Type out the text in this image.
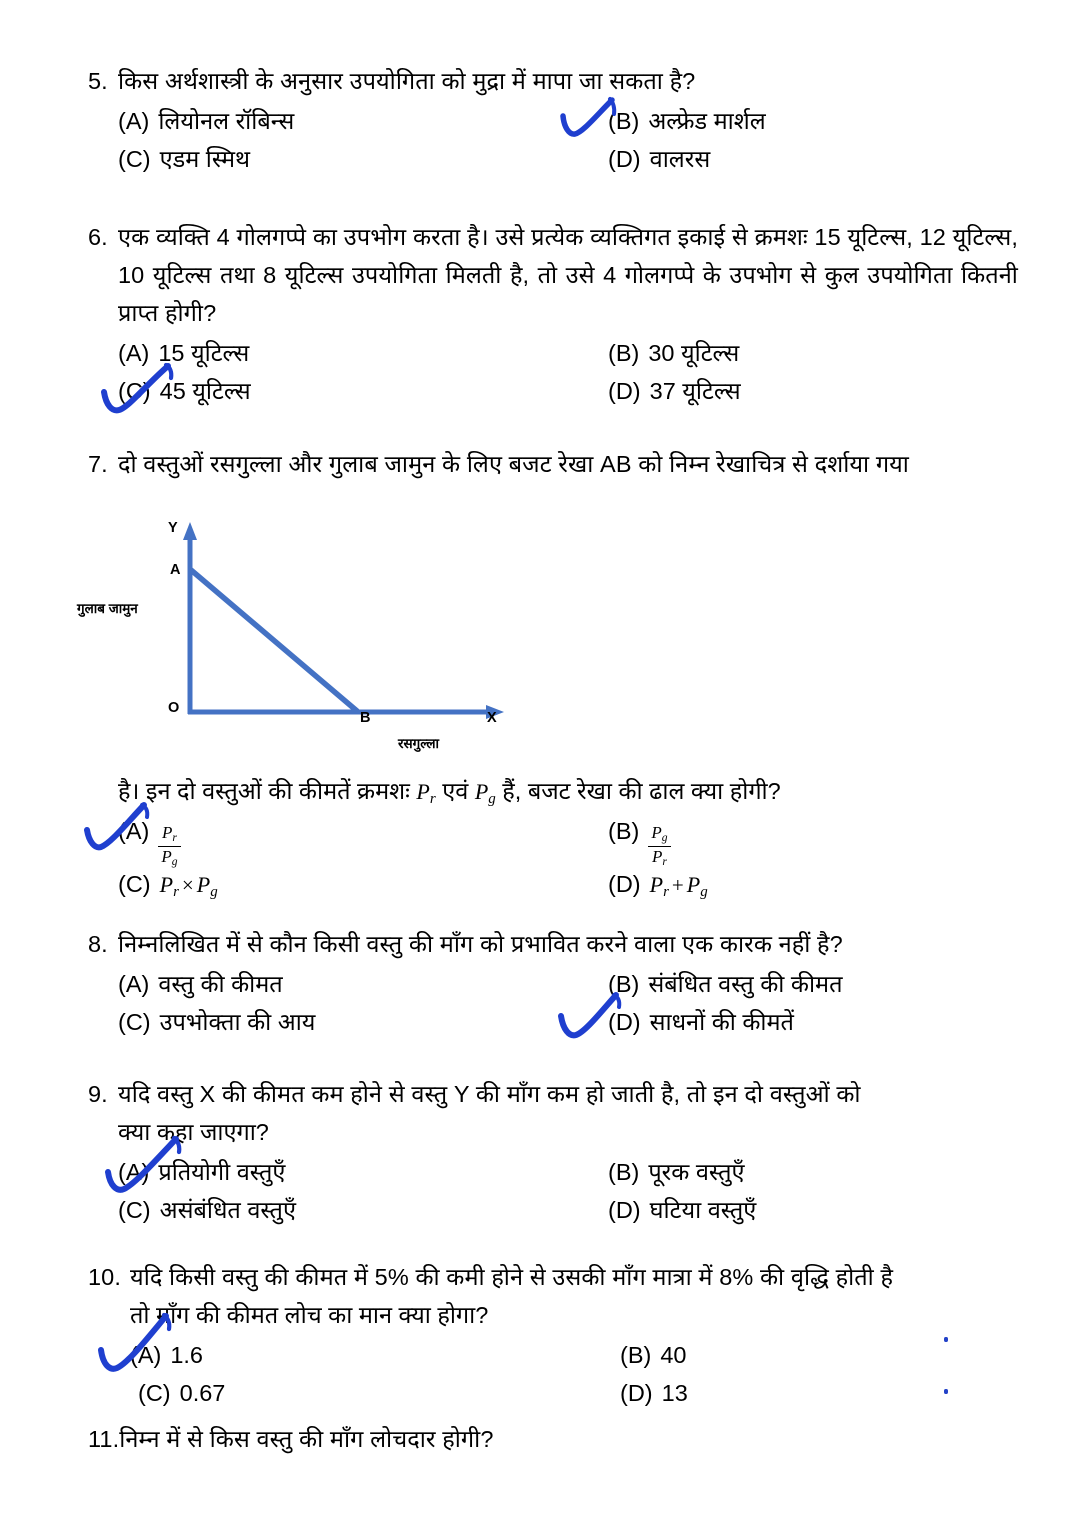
5. किस अर्थशास्त्री के अनुसार उपयोगिता को मुद्रा में मापा जा सकता है?
(A) लियोनल रॉबिन्स	(B) अल्फ्रेड मार्शल
(C) एडम स्मिथ	(D) वालरस
6. एक व्यक्ति 4 गोलगप्पे का उपभोग करता है। उसे प्रत्येक व्यक्तिगत इकाई से क्रमशः 15 यूटिल्स, 12 यूटिल्स, 10 यूटिल्स तथा 8 यूटिल्स उपयोगिता मिलती है, तो उसे 4 गोलगप्पे के उपभोग से कुल उपयोगिता कितनी प्राप्त होगी?
(A) 15 यूटिल्स	(B) 30 यूटिल्स
(C) 45 यूटिल्स	(D) 37 यूटिल्स
7. दो वस्तुओं रसगुल्ला और गुलाब जामुन के लिए बजट रेखा AB को निम्न रेखाचित्र से दर्शाया गया
Y
A
O
B	X
गुलाब जामुन
रसगुल्ला
है। इन दो वस्तुओं की कीमतें क्रमशः $P_r$ एवं $P_g$ हैं, बजट रेखा की ढाल क्या होगी?
$(A) \frac{P_r}{P_g}$	$(B) \frac{P_g}{P_r}$
(C) $P_r \times P_g$	(D) $P_r + P_g$
8. निम्नलिखित में से कौन किसी वस्तु की माँग को प्रभावित करने वाला एक कारक नहीं है?
(A) वस्तु की कीमत	(B) संबंधित वस्तु की कीमत
(C) उपभोक्ता की आय	(D) साधनों की कीमतें
9. यदि वस्तु X की कीमत कम होने से वस्तु Y की माँग कम हो जाती है, तो इन दो वस्तुओं को
क्या कहा जाएगा?
(A) प्रतियोगी वस्तुएँ	(B) पूरक वस्तुएँ
(C) असंबंधित वस्तुएँ	(D) घटिया वस्तुएँ
10. यदि किसी वस्तु की कीमत में 5% की कमी होने से उसकी माँग मात्रा में 8% की वृद्धि होती है
तो माँग की कीमत लोच का मान क्या होगा?
(A) 1.6	(B) 40
(C) 0.67	(D) 13
11. निम्न में से किस वस्तु की माँग लोचदार होगी?
